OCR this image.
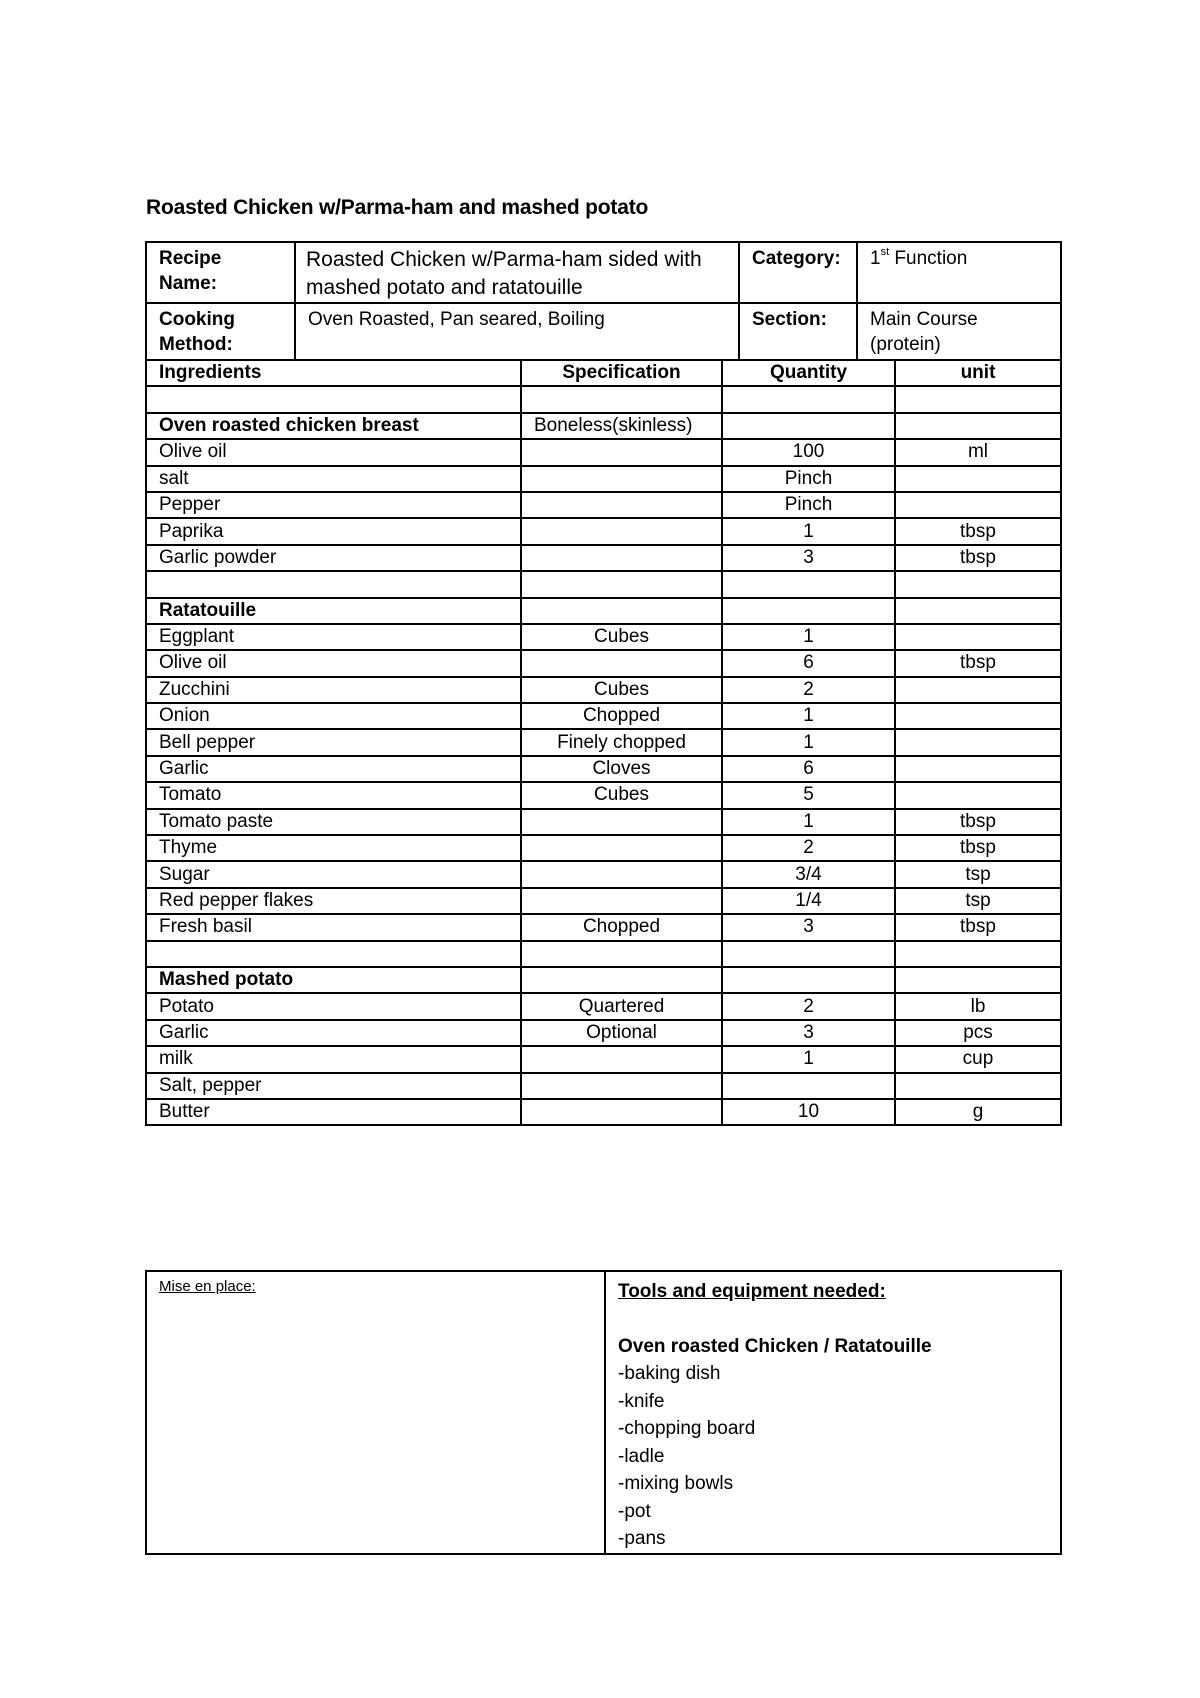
Roasted Chicken w/Parma-ham and mashed potato
Recipe Name:	Roasted Chicken w/Parma-ham sided with mashed potato and ratatouille	Category:	1st Function
Cooking Method:	Oven Roasted, Pan seared, Boiling	Section:	Main Course (protein)
Ingredients	Specification	Quantity	unit

Oven roasted chicken breast	Boneless(skinless)		
Olive oil		100	ml
salt		Pinch	
Pepper		Pinch	
Paprika		1	tbsp
Garlic powder		3	tbsp

Ratatouille			
Eggplant	Cubes	1	
Olive oil		6	tbsp
Zucchini	Cubes	2	
Onion	Chopped	1	
Bell pepper	Finely chopped	1	
Garlic	Cloves	6	
Tomato	Cubes	5	
Tomato paste		1	tbsp
Thyme		2	tbsp
Sugar		3/4	tsp
Red pepper flakes		1/4	tsp
Fresh basil	Chopped	3	tbsp

Mashed potato			
Potato	Quartered	2	lb
Garlic	Optional	3	pcs
milk		1	cup
Salt, pepper			
Butter		10	g
Mise en place:	Tools and equipment needed:
Oven roasted Chicken / Ratatouille
-baking dish
-knife
-chopping board
-ladle
-mixing bowls
-pot
-pans
